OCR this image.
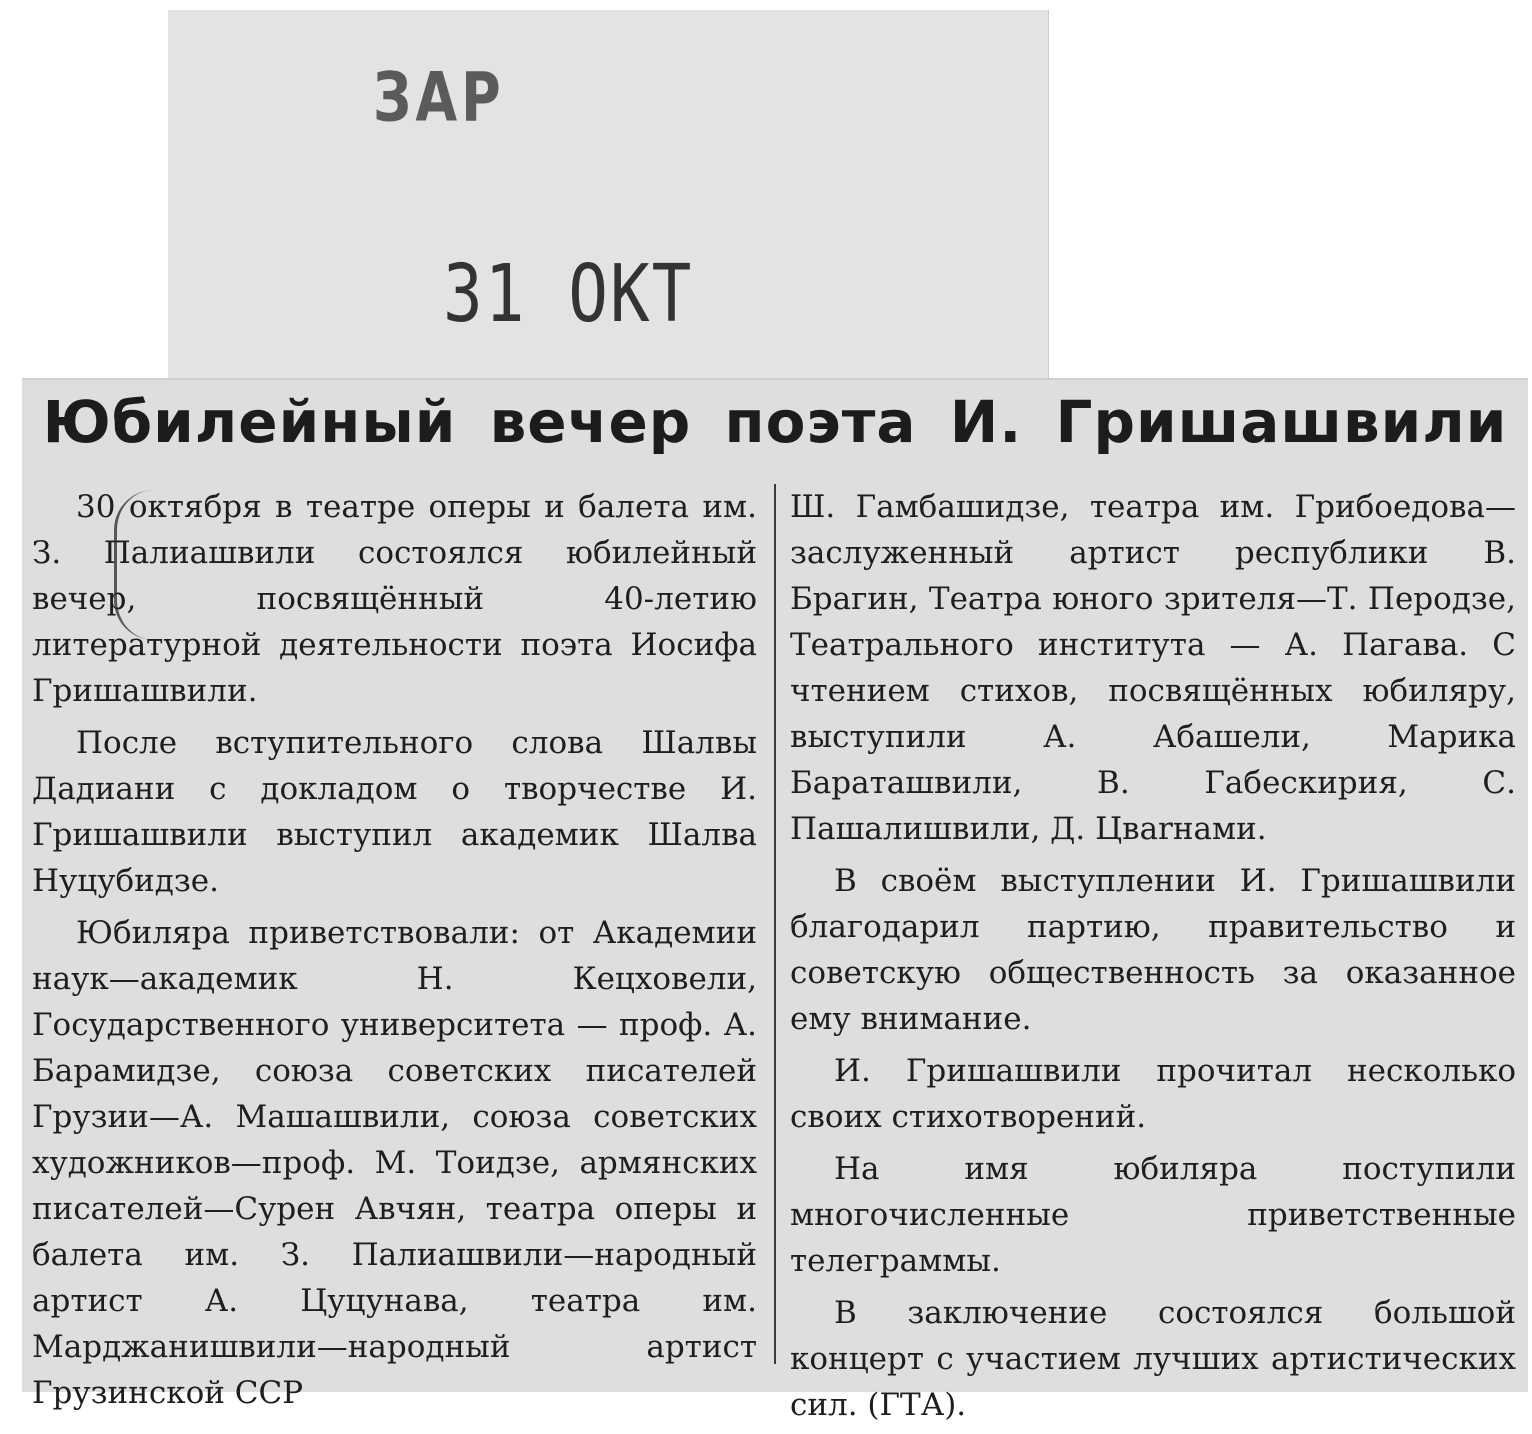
ЗАР
31 ОКТ
Юбилейный вечер поэта И. Гришашвили

30 октября в театре оперы и балета им. З. Палиашвили состоялся юбилейный вечер, посвящённый 40-летию литературной деятельности поэта Иосифа Гришашвили.

После вступительного слова Шалвы Дадиани с докладом о творчестве И. Гришашвили выступил академик Шалва Нуцубидзе.

Юбиляра приветствовали: от Академии наук—академик Н. Кецховели, Государственного университета — проф. А. Барамидзе, союза советских писателей Грузии—А. Машашвили, союза советских художников—проф. М. Тоидзе, армянских писателей—Сурен Авчян, театра оперы и балета им. З. Палиашвили—народный артист А. Цуцунава, театра им. Марджанишвили—народный артист Грузинской ССР

Ш. Гамбашидзе, театра им. Грибоедова—заслуженный артист республики В. Брагин, Театра юного зрителя—Т. Перодзе, Театрального института — А. Пагава. С чтением стихов, посвящённых юбиляру, выступили А. Абашели, Марика Бараташвили, В. Габескирия, С. Пашалишвили, Д. Цвarнами.

В своём выступлении И. Гришашвили благодарил партию, правительство и советскую общественность за оказанное ему внимание.

И. Гришашвили прочитал несколько своих стихотворений.

На имя юбиляра поступили многочисленные приветственные телеграммы.

В заключение состоялся большой концерт с участием лучших артистических сил. (ГТА).
